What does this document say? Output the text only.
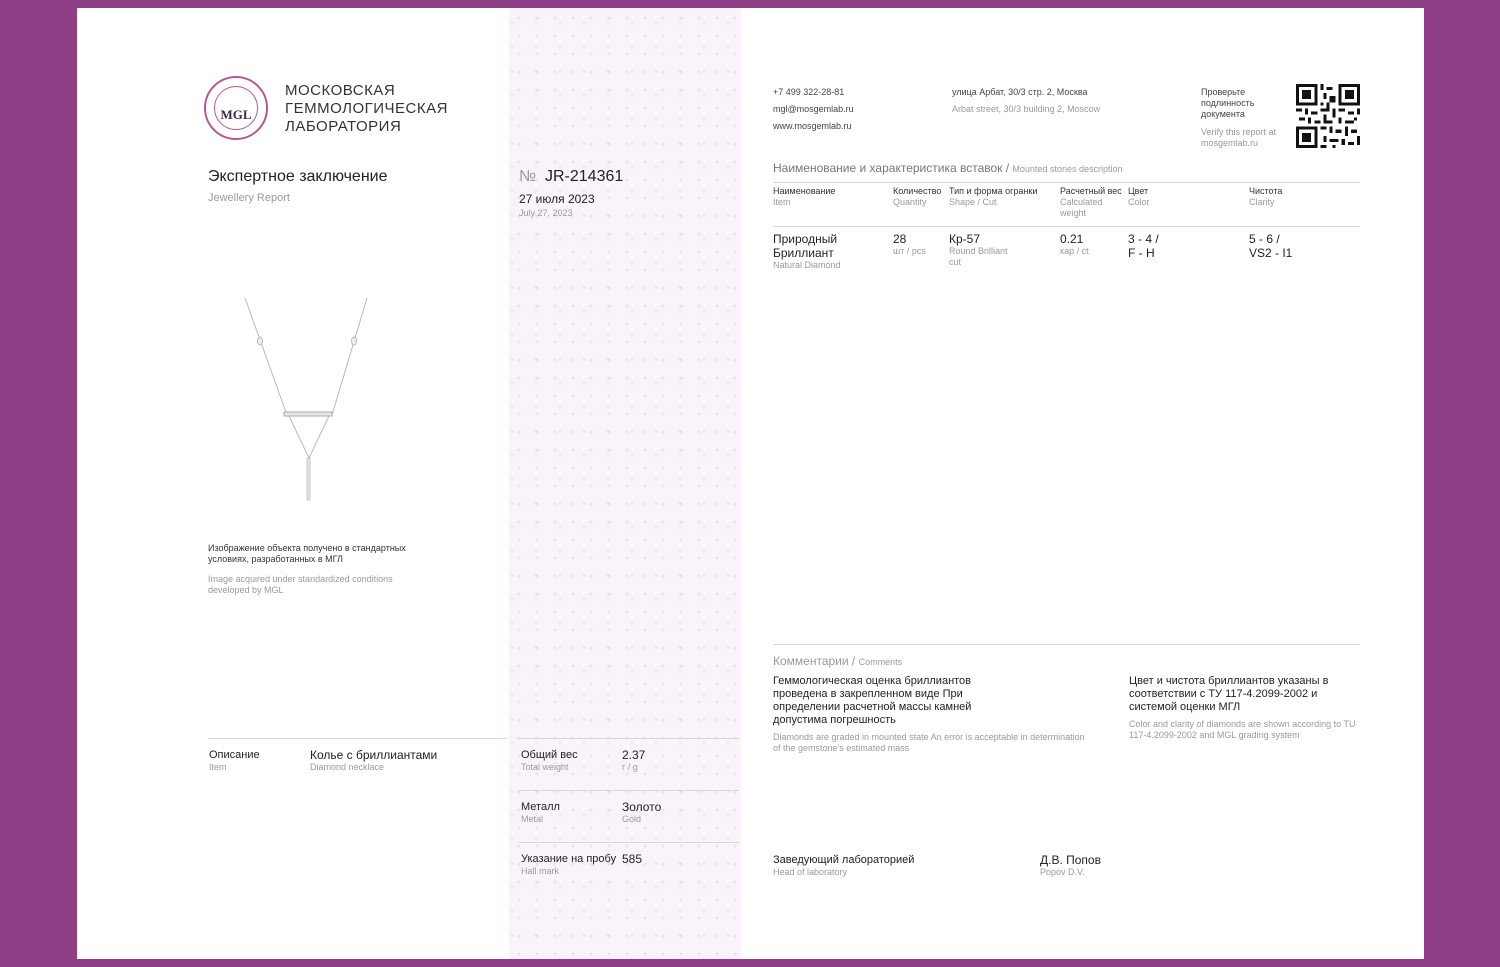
MGL
МОСКОВСКАЯ
ГЕММОЛОГИЧЕСКАЯ
ЛАБОРАТОРИЯ
Экспертное заключение
Jewellery Report
№ JR-214361
27 июля 2023
July 27, 2023
Изображение объекта получено в стандартных условиях, разработанных в МГЛ
Image acquired under standardized conditions developed by MGL
+7 499 322-28-81
mgl@mosgemlab.ru
www.mosgemlab.ru
улица Арбат, 30/3 стр. 2, Москва
Arbat street, 30/3 building 2, Moscow
Проверьте подлинность документа
Verify this report at mosgemlab.ru
Наименование и характеристика вставок / Mounted stones description
Наименование
Item
Количество
Quantity
Тип и форма огранки
Shape / Cut
Расчетный вес
Calculated weight
Цвет
Color
Чистота
Clarity
Природный Бриллиант
Natural Diamond
28
шт / pcs
Кр-57
Round Brilliant cut
0.21
кар / ct
3 - 4 /
F - H
5 - 6 /
VS2 - I1
Комментарии / Comments
Геммологическая оценка бриллиантов проведена в закрепленном виде При определении расчетной массы камней допустима погрешность
Diamonds are graded in mounted state An error is acceptable in determination of the gemstone's estimated mass
Цвет и чистота бриллиантов указаны в соответствии с ТУ 117-4.2099-2002 и системой оценки МГЛ
Color and clarity of diamonds are shown according to TU 117-4.2099-2002 and MGL grading system
Описание
Item
Колье с бриллиантами
Diamond necklace
Общий вес
Total weight
2.37
г / g
Металл
Metal
Золото
Gold
Указание на пробу
Hall mark
585	Заведующий лабораторией
Head of laboratory
Д.В. Попов
Popov D.V.
